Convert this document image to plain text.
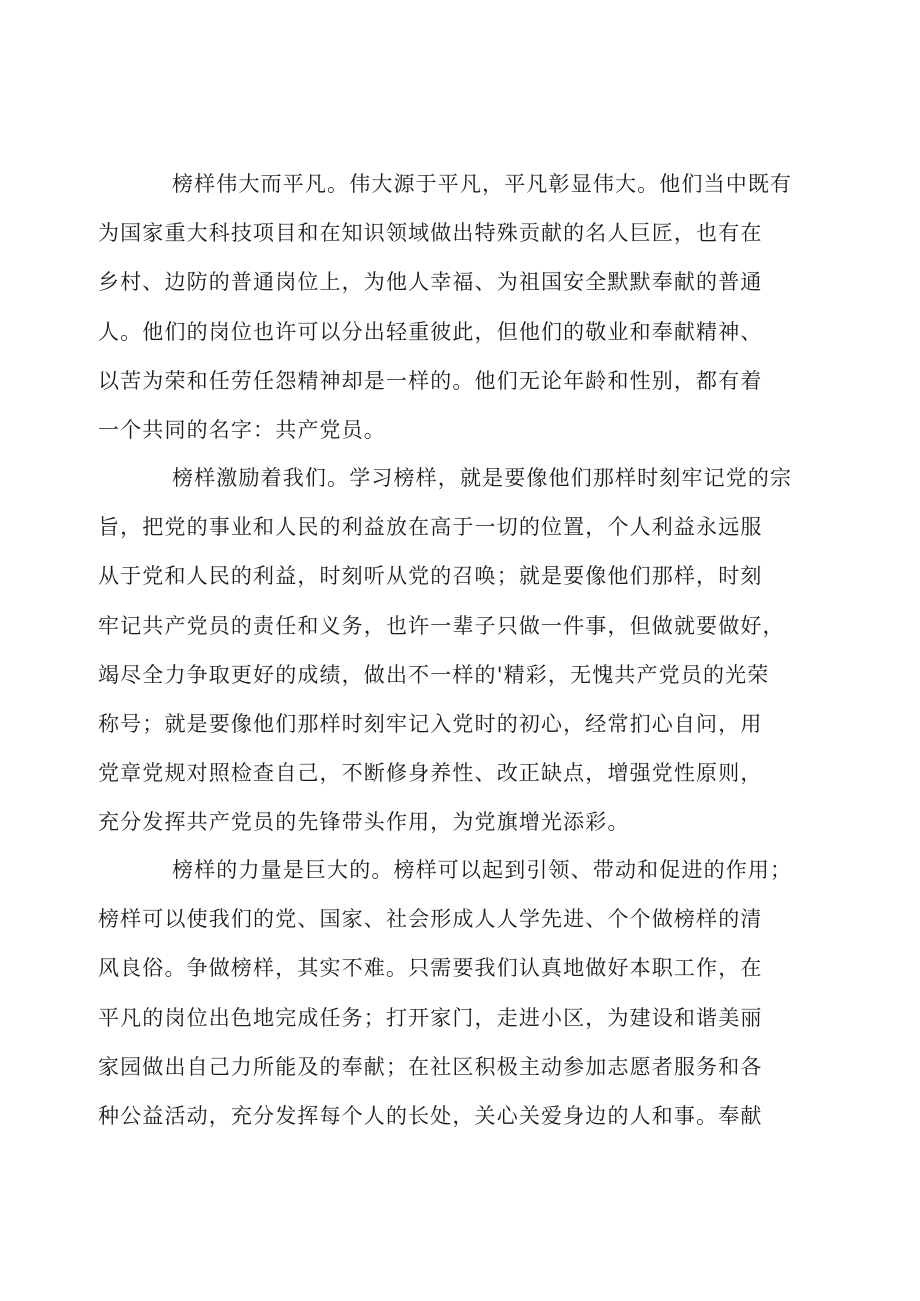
榜样伟大而平凡。伟大源于平凡，平凡彰显伟大。他们当中既有
为国家重大科技项目和在知识领域做出特殊贡献的名人巨匠，也有在
乡村、边防的普通岗位上，为他人幸福、为祖国安全默默奉献的普通
人。他们的岗位也许可以分出轻重彼此，但他们的敬业和奉献精神、
以苦为荣和任劳任怨精神却是一样的。他们无论年龄和性别，都有着
一个共同的名字：共产党员。
榜样激励着我们。学习榜样，就是要像他们那样时刻牢记党的宗
旨，把党的事业和人民的利益放在高于一切的位置，个人利益永远服
从于党和人民的利益，时刻听从党的召唤；就是要像他们那样，时刻
牢记共产党员的责任和义务，也许一辈子只做一件事，但做就要做好，
竭尽全力争取更好的成绩，做出不一样的'精彩，无愧共产党员的光荣
称号；就是要像他们那样时刻牢记入党时的初心，经常扪心自问，用
党章党规对照检查自己，不断修身养性、改正缺点，增强党性原则，
充分发挥共产党员的先锋带头作用，为党旗增光添彩。
榜样的力量是巨大的。榜样可以起到引领、带动和促进的作用；
榜样可以使我们的党、国家、社会形成人人学先进、个个做榜样的清
风良俗。争做榜样，其实不难。只需要我们认真地做好本职工作，在
平凡的岗位出色地完成任务；打开家门，走进小区，为建设和谐美丽
家园做出自己力所能及的奉献；在社区积极主动参加志愿者服务和各
种公益活动，充分发挥每个人的长处，关心关爱身边的人和事。奉献
